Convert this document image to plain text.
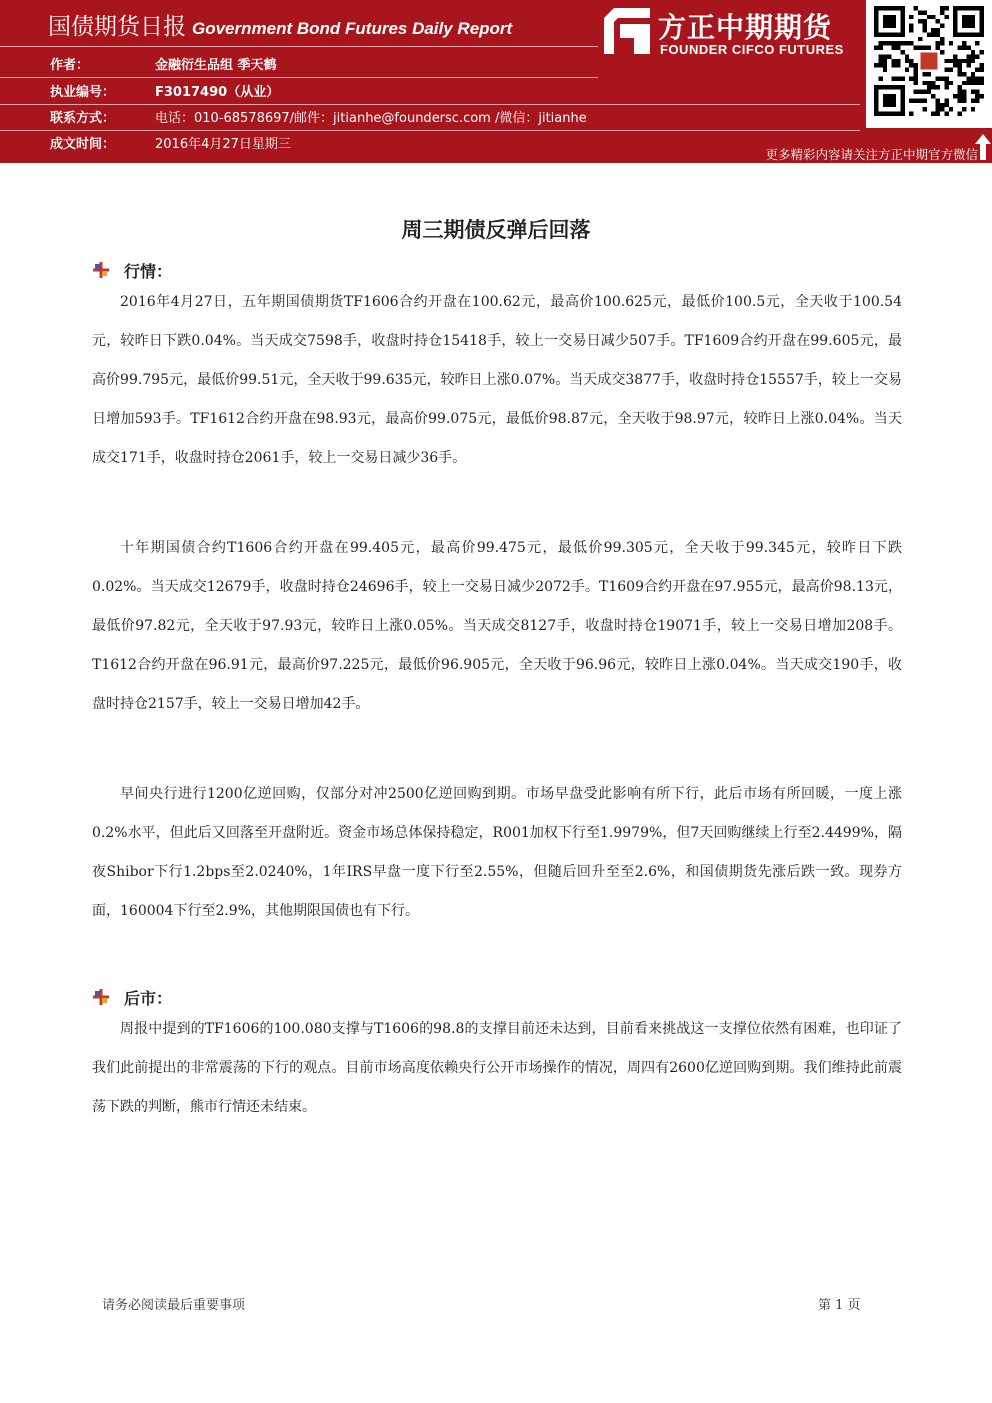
国债期货日报 Government Bond Futures Daily Report
作者：	金融衍生品组 季天鹤
执业编号：	F3017490（从业）
联系方式：	电话：010-68578697/邮件：jitianhe@foundersc.com /微信：jitianhe
成文时间：	2016年4月27日星期三
方正中期期货
FOUNDER CIFCO FUTURES
更多精彩内容请关注方正中期官方微信
周三期债反弹后回落
行情：

2016年4月27日，五年期国债期货TF1606合约开盘在100.62元，最高价100.625元，最低价100.5元，全天收于100.54元，较昨日下跌0.04%。当天成交7598手，收盘时持仓15418手，较上一交易日减少507手。TF1609合约开盘在99.605元，最高价99.795元，最低价99.51元，全天收于99.635元，较昨日上涨0.07%。当天成交3877手，收盘时持仓15557手，较上一交易日增加593手。TF1612合约开盘在98.93元，最高价99.075元，最低价98.87元，全天收于98.97元，较昨日上涨0.04%。当天成交171手，收盘时持仓2061手，较上一交易日减少36手。

十年期国债合约T1606合约开盘在99.405元，最高价99.475元，最低价99.305元，全天收于99.345元，较昨日下跌0.02%。当天成交12679手，收盘时持仓24696手，较上一交易日减少2072手。T1609合约开盘在97.955元，最高价98.13元，最低价97.82元，全天收于97.93元，较昨日上涨0.05%。当天成交8127手，收盘时持仓19071手，较上一交易日增加208手。T1612合约开盘在96.91元，最高价97.225元，最低价96.905元，全天收于96.96元，较昨日上涨0.04%。当天成交190手，收盘时持仓2157手，较上一交易日增加42手。

早间央行进行1200亿逆回购，仅部分对冲2500亿逆回购到期。市场早盘受此影响有所下行，此后市场有所回暖，一度上涨0.2%水平，但此后又回落至开盘附近。资金市场总体保持稳定，R001加权下行至1.9979%，但7天回购继续上行至2.4499%，隔夜Shibor下行1.2bps至2.0240%，1年IRS早盘一度下行至2.55%，但随后回升至至2.6%，和国债期货先涨后跌一致。现券方面，160004下行至2.9%，其他期限国债也有下行。

后市：

周报中提到的TF1606的100.080支撑与T1606的98.8的支撑目前还未达到，目前看来挑战这一支撑位依然有困难，也印证了我们此前提出的非常震荡的下行的观点。目前市场高度依赖央行公开市场操作的情况，周四有2600亿逆回购到期。我们维持此前震荡下跌的判断，熊市行情还未结束。

请务必阅读最后重要事项	第 1 页
